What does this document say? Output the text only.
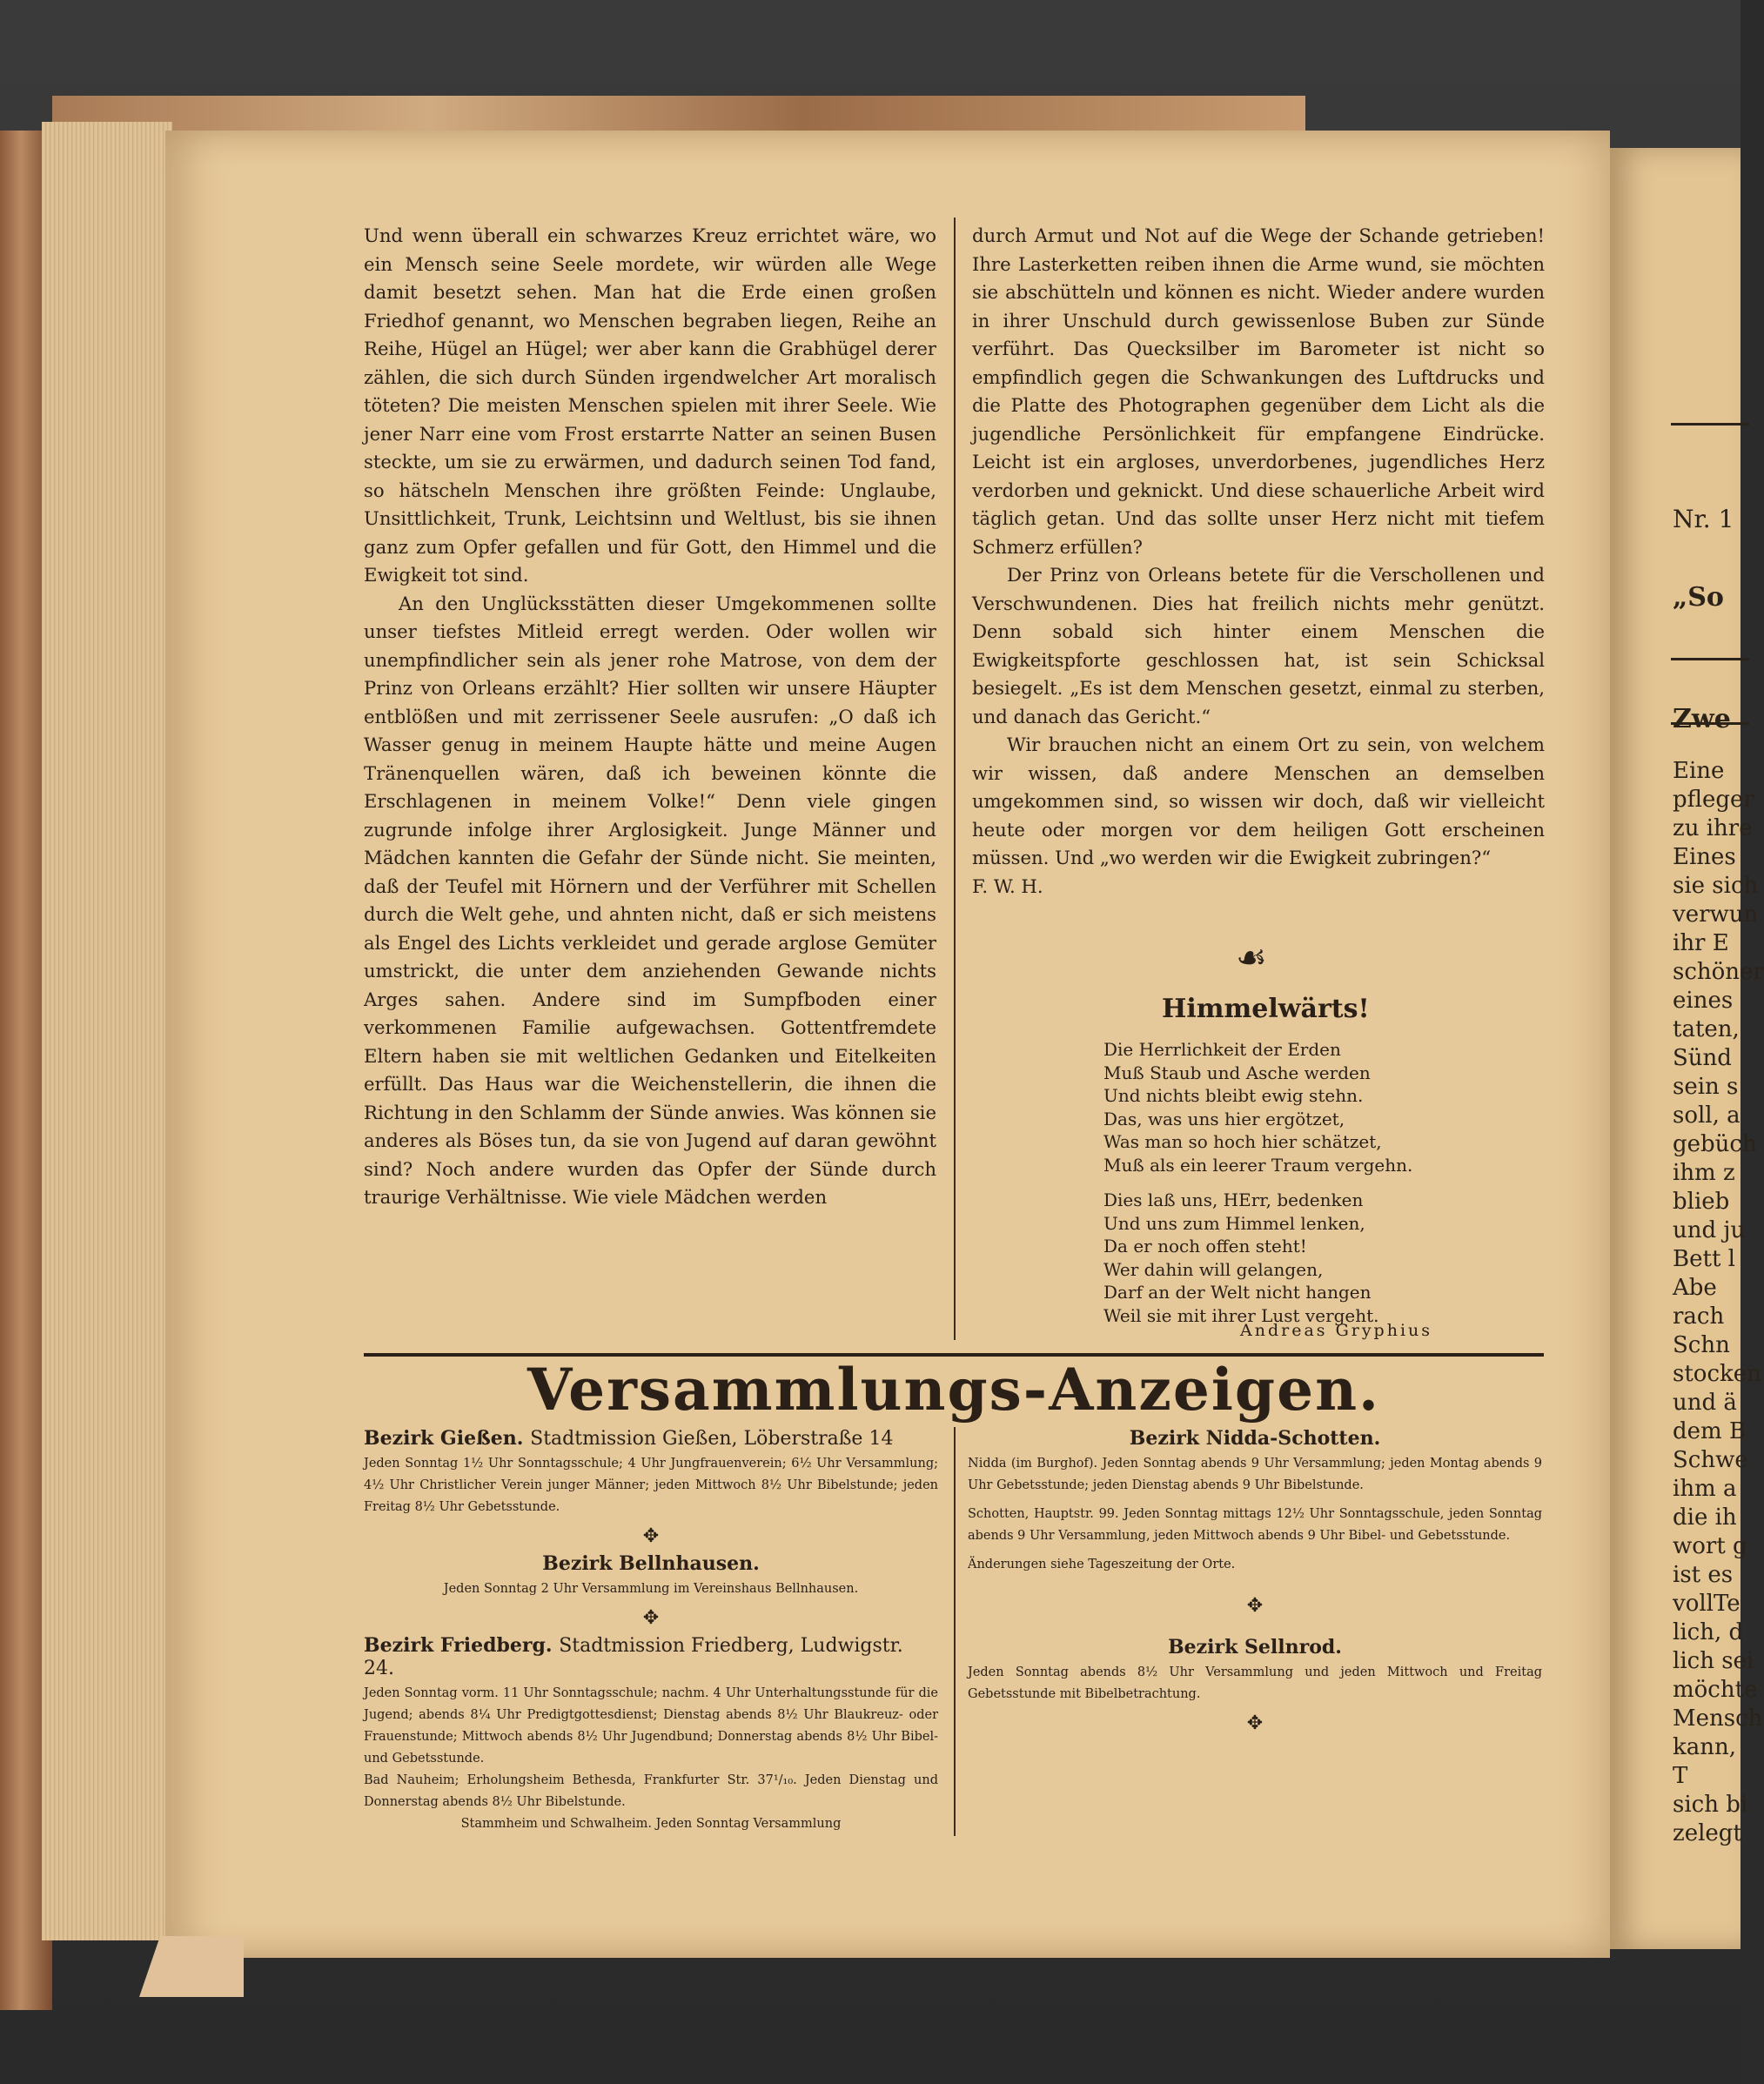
Nr. 1
„So
Zwe
Eine
pfleger
zu ihre
Eines
sie sich
verwun
ihr E
schöner
eines
taten,
Sünd
sein s
soll, a
gebüch
ihm z
blieb
und ju
Bett l
Abe
rach
Schn
stocken
und ä
dem B
Schwe
ihm a
die ih
wort g
ist es
vollTe
lich, d
lich sei
möchte
Mensch
kann,
T
sich bi
zelegt

Und wenn überall ein schwarzes Kreuz errichtet wäre, wo ein Mensch seine Seele mordete, wir würden alle Wege damit besetzt sehen. Man hat die Erde einen großen Friedhof genannt, wo Menschen begraben liegen, Reihe an Reihe, Hügel an Hügel; wer aber kann die Grabhügel derer zählen, die sich durch Sünden irgendwelcher Art moralisch töteten? Die meisten Menschen spielen mit ihrer Seele. Wie jener Narr eine vom Frost erstarrte Natter an seinen Busen steckte, um sie zu erwärmen, und dadurch seinen Tod fand, so hätscheln Menschen ihre größten Feinde: Unglaube, Unsittlichkeit, Trunk, Leichtsinn und Weltlust, bis sie ihnen ganz zum Opfer gefallen und für Gott, den Himmel und die Ewigkeit tot sind.

An den Unglücksstätten dieser Umgekommenen sollte unser tiefstes Mitleid erregt werden. Oder wollen wir unempfindlicher sein als jener rohe Matrose, von dem der Prinz von Orleans erzählt? Hier sollten wir unsere Häupter entblößen und mit zerrissener Seele ausrufen: „O daß ich Wasser genug in meinem Haupte hätte und meine Augen Tränenquellen wären, daß ich beweinen könnte die Erschlagenen in meinem Volke!“ Denn viele gingen zugrunde infolge ihrer Arglosigkeit. Junge Männer und Mädchen kannten die Gefahr der Sünde nicht. Sie meinten, daß der Teufel mit Hörnern und der Verführer mit Schellen durch die Welt gehe, und ahnten nicht, daß er sich meistens als Engel des Lichts verkleidet und gerade arglose Gemüter umstrickt, die unter dem anziehenden Gewande nichts Arges sahen. Andere sind im Sumpfboden einer verkommenen Familie aufgewachsen. Gottentfremdete Eltern haben sie mit weltlichen Gedanken und Eitelkeiten erfüllt. Das Haus war die Weichenstellerin, die ihnen die Richtung in den Schlamm der Sünde anwies. Was können sie anderes als Böses tun, da sie von Jugend auf daran gewöhnt sind? Noch andere wurden das Opfer der Sünde durch traurige Verhältnisse. Wie viele Mädchen werden

durch Armut und Not auf die Wege der Schande getrieben! Ihre Lasterketten reiben ihnen die Arme wund, sie möchten sie abschütteln und können es nicht. Wieder andere wurden in ihrer Unschuld durch gewissenlose Buben zur Sünde verführt. Das Quecksilber im Barometer ist nicht so empfindlich gegen die Schwankungen des Luftdrucks und die Platte des Photographen gegenüber dem Licht als die jugendliche Persönlichkeit für empfangene Eindrücke. Leicht ist ein argloses, unverdorbenes, jugendliches Herz verdorben und geknickt. Und diese schauerliche Arbeit wird täglich getan. Und das sollte unser Herz nicht mit tiefem Schmerz erfüllen?

Der Prinz von Orleans betete für die Verschollenen und Verschwundenen. Dies hat freilich nichts mehr genützt. Denn sobald sich hinter einem Menschen die Ewigkeitspforte geschlossen hat, ist sein Schicksal besiegelt. „Es ist dem Menschen gesetzt, einmal zu sterben, und danach das Gericht.“

Wir brauchen nicht an einem Ort zu sein, von welchem wir wissen, daß andere Menschen an demselben umgekommen sind, so wissen wir doch, daß wir vielleicht heute oder morgen vor dem heiligen Gott erscheinen müssen. Und „wo werden wir die Ewigkeit zubringen?“

F. W. H.

☙
Himmelwärts!
Die Herrlichkeit der Erden
Muß Staub und Asche werden
Und nichts bleibt ewig stehn.
Das, was uns hier ergötzet,
Was man so hoch hier schätzet,
Muß als ein leerer Traum vergehn.
Dies laß uns, HErr, bedenken
Und uns zum Himmel lenken,
Da er noch offen steht!
Wer dahin will gelangen,
Darf an der Welt nicht hangen
Weil sie mit ihrer Lust vergeht.
Andreas Gryphius
Versammlungs-Anzeigen.

Bezirk Gießen. Stadtmission Gießen, Löberstraße 14

Jeden Sonntag 1½ Uhr Sonntagsschule; 4 Uhr Jungfrauenverein; 6½ Uhr Versammlung; 4½ Uhr Christlicher Verein junger Männer; jeden Mittwoch 8½ Uhr Bibelstunde; jeden Freitag 8½ Uhr Gebetsstunde.

✥

Bezirk Bellnhausen.

Jeden Sonntag 2 Uhr Versammlung im Vereinshaus Bellnhausen.

✥

Bezirk Friedberg. Stadtmission Friedberg, Ludwigstr. 24.

Jeden Sonntag vorm. 11 Uhr Sonntagsschule; nachm. 4 Uhr Unterhaltungsstunde für die Jugend; abends 8¼ Uhr Predigtgottesdienst; Dienstag abends 8½ Uhr Blaukreuz- oder Frauenstunde; Mittwoch abends 8½ Uhr Jugendbund; Donnerstag abends 8½ Uhr Bibel- und Gebetsstunde.

Bad Nauheim; Erholungsheim Bethesda, Frankfurter Str. 37¹/₁₀. Jeden Dienstag und Donnerstag abends 8½ Uhr Bibelstunde.

Stammheim und Schwalheim. Jeden Sonntag Versammlung

Bezirk Nidda-Schotten.

Nidda (im Burghof). Jeden Sonntag abends 9 Uhr Versammlung; jeden Montag abends 9 Uhr Gebetsstunde; jeden Dienstag abends 9 Uhr Bibelstunde.

Schotten, Hauptstr. 99. Jeden Sonntag mittags 12½ Uhr Sonntagsschule, jeden Sonntag abends 9 Uhr Versammlung, jeden Mittwoch abends 9 Uhr Bibel- und Gebetsstunde.

Änderungen siehe Tageszeitung der Orte.

✥

Bezirk Sellnrod.

Jeden Sonntag abends 8½ Uhr Versammlung und jeden Mittwoch und Freitag Gebetsstunde mit Bibelbetrachtung.

✥
